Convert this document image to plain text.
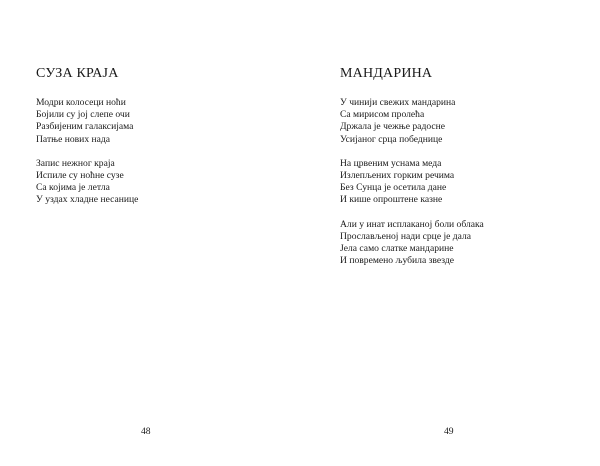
СУЗА КРАЈА
Модри колосеци ноћи
Бојили су јој слепе очи
Разбијеним галаксијама
Патње нових нада
Запис нежног краја
Испиле су ноћне сузе
Са којима је летла
У уздах хладне несанице
48
МАНДАРИНА
У чинији свежих мандарина
Са мирисом пролећа
Држала је чежње радосне
Усијаног срца победнице
На црвеним уснама меда
Излепљених горким речима
Без Сунца је осетила дане
И кише опроштене казне
Али у инат исплаканој боли облака
Прослављеној нади срце је дала
Јела само слатке мандарине
И повремено љубила звезде
49
